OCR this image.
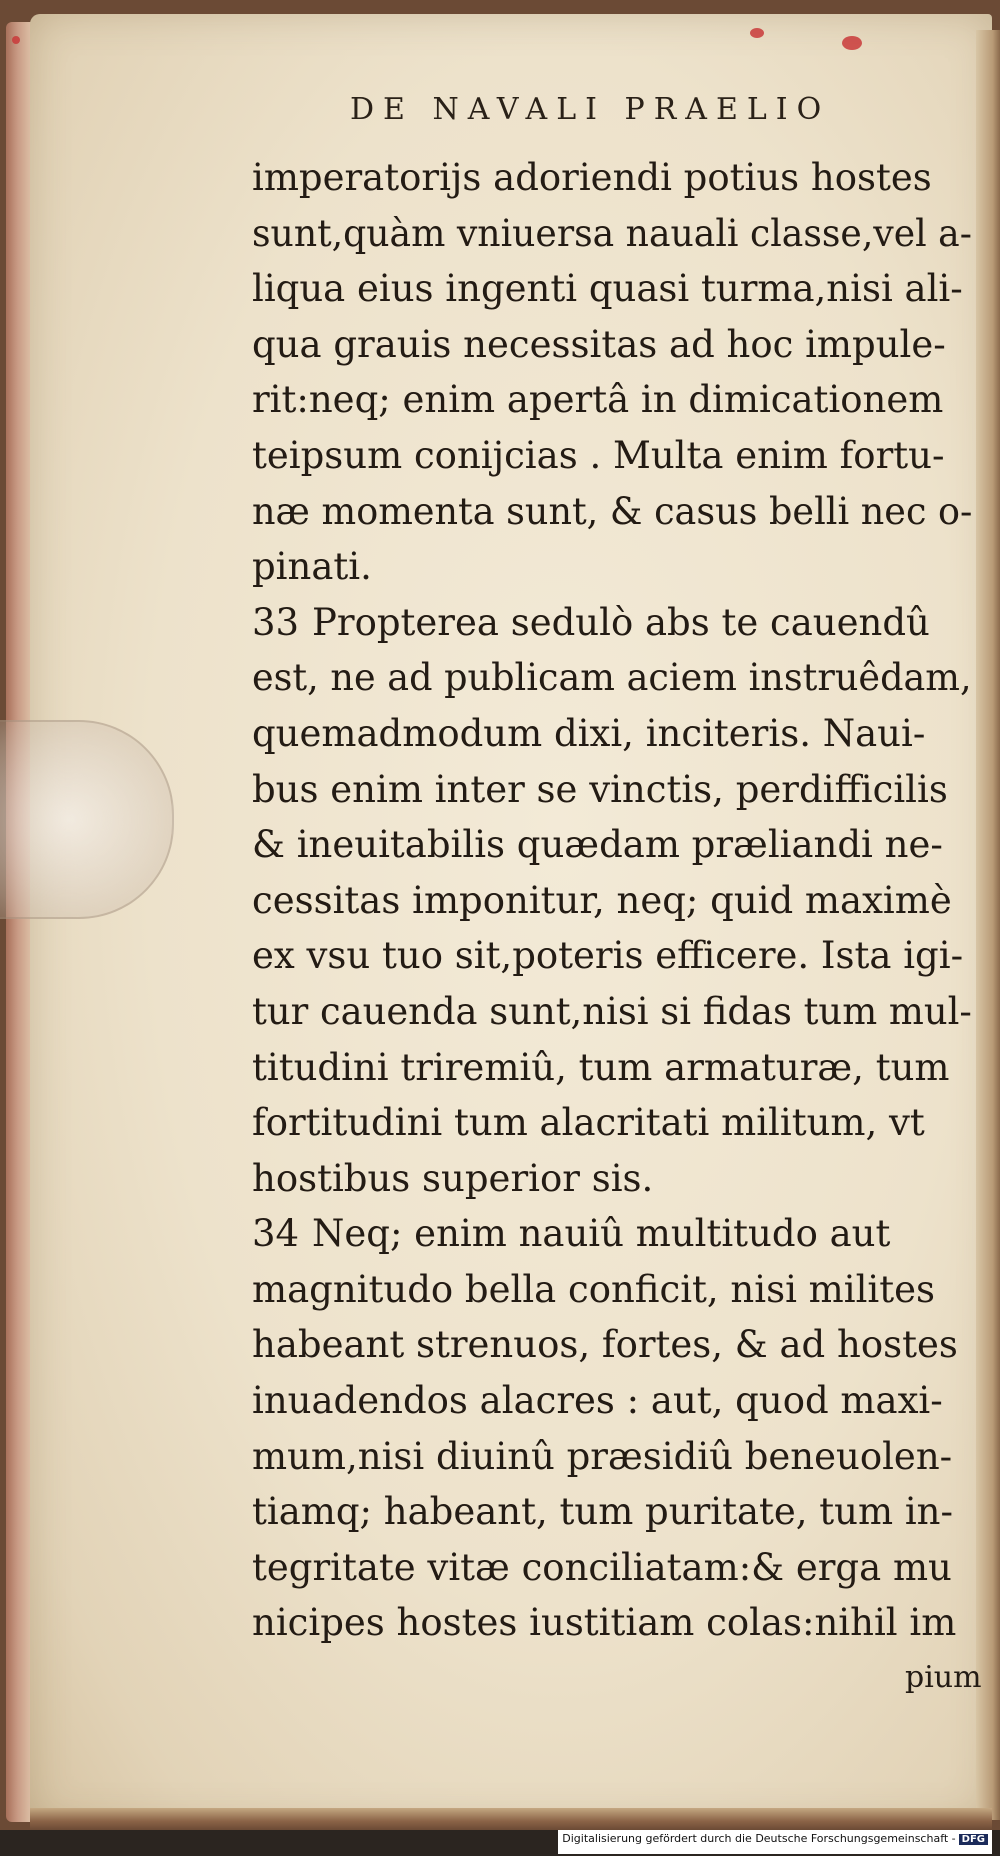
DE NAVALI PRAELIO
imperatorijs adoriendi potius hostes
sunt,quàm vniuersa nauali classe,vel a-
liqua eius ingenti quasi turma,nisi ali-
qua grauis necessitas ad hoc impule-
rit:neq; enim apertâ in dimicationem
teipsum conijcias . Multa enim fortu-
næ momenta sunt, & casus belli nec o-
pinati.
33 Propterea sedulò abs te cauendû
est, ne ad publicam aciem instruêdam,
quemadmodum dixi, inciteris. Naui-
bus enim inter se vinctis, perdifficilis
& ineuitabilis quædam præliandi ne-
cessitas imponitur, neq; quid maximè
ex vsu tuo sit,poteris efficere. Ista igi-
tur cauenda sunt,nisi si fidas tum mul-
titudini triremiû, tum armaturæ, tum
fortitudini tum alacritati militum, vt
hostibus superior sis.
34 Neq; enim nauiû multitudo aut
magnitudo bella conficit, nisi milites
habeant strenuos, fortes, & ad hostes
inuadendos alacres : aut, quod maxi-
mum,nisi diuinû præsidiû beneuolen-
tiamq; habeant, tum puritate, tum in-
tegritate vitæ conciliatam:& erga mu
nicipes hostes iustitiam colas:nihil im
pium
Digitalisierung gefördert durch die Deutsche Forschungsgemeinschaft - DFG
